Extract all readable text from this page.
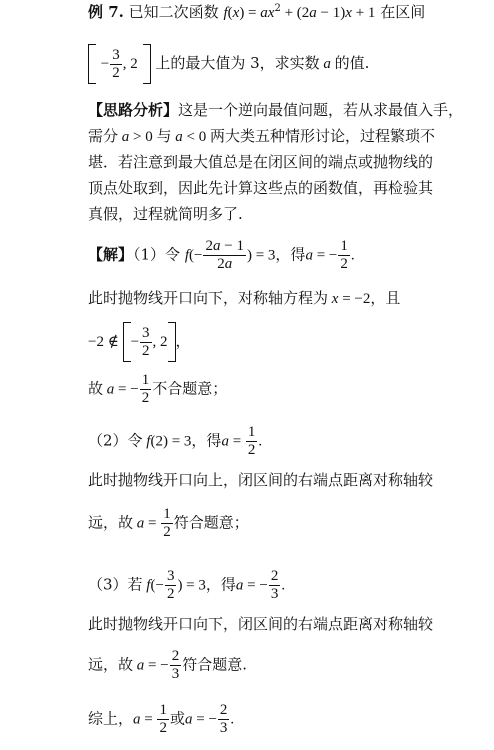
例 7. 已知二次函数 $f(x) = ax^2 + (2a - 1)x + 1$ 在区间
− $\frac{3}{2}$ , 2 上的最大值为 3，求实数 a 的值.
【思路分析】这是一个逆向最值问题，若从求最值入手，
需分 a > 0 与 a < 0 两大类五种情形讨论，过程繁琐不
堪．若注意到最大值总是在闭区间的端点或抛物线的
顶点处取到，因此先计算这些点的函数值，再检验其
真假，过程就简明多了.
【解】（1）令 $f(- \frac{2a - 1}{2a}$ ) = 3，得a = − $\frac{1}{2}$ .
此时抛物线开口向下，对称轴方程为 x = −2，且
−2 ∉ − $\frac{3}{2}$ , 2 ，
故 a = − $\frac{1}{2}$ 不合题意；
（2）令 f(2) = 3，得$a = \frac{1}{2}$ .
此时抛物线开口向上，闭区间的右端点距离对称轴较
远，故 $a = \frac{1}{2}$ 符合题意；
（3）若 $f(- \frac{3}{2}$ ) = 3，得a = − $\frac{2}{3}$ .
此时抛物线开口向下，闭区间的右端点距离对称轴较
远，故 a = − $\frac{2}{3}$ 符合题意.
综上，$a = \frac{1}{2}$ 或a = − $\frac{2}{3}$ .
